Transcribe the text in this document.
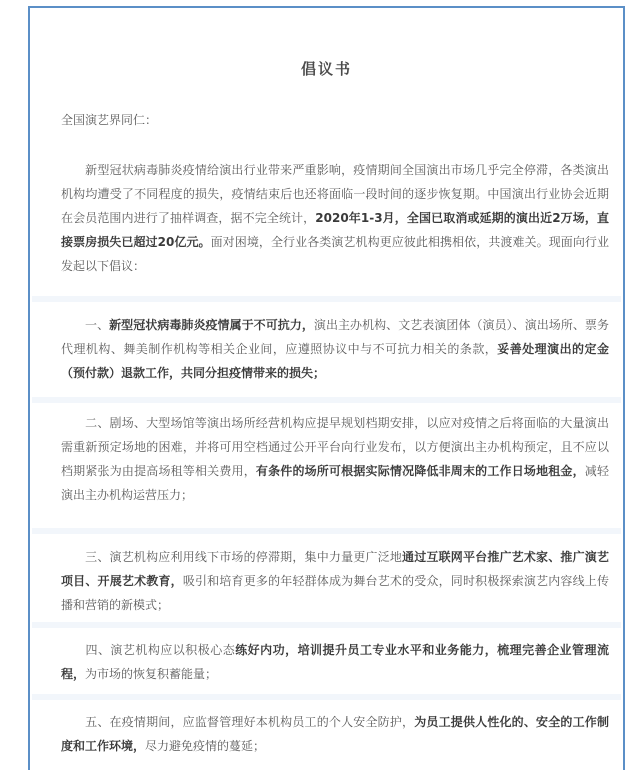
倡议书
全国演艺界同仁：
新型冠状病毒肺炎疫情给演出行业带来严重影响，疫情期间全国演出市场几乎完全停滞，各类演出机构均遭受了不同程度的损失，疫情结束后也还将面临一段时间的逐步恢复期。中国演出行业协会近期在会员范围内进行了抽样调查，据不完全统计，2020年1-3月，全国已取消或延期的演出近2万场，直接票房损失已超过20亿元。面对困境，全行业各类演艺机构更应彼此相携相依，共渡难关。现面向行业发起以下倡议：
一、新型冠状病毒肺炎疫情属于不可抗力，演出主办机构、文艺表演团体（演员）、演出场所、票务代理机构、舞美制作机构等相关企业间，应遵照协议中与不可抗力相关的条款，妥善处理演出的定金（预付款）退款工作，共同分担疫情带来的损失；
二、剧场、大型场馆等演出场所经营机构应提早规划档期安排，以应对疫情之后将面临的大量演出需重新预定场地的困难，并将可用空档通过公开平台向行业发布，以方便演出主办机构预定，且不应以档期紧张为由提高场租等相关费用，有条件的场所可根据实际情况降低非周末的工作日场地租金，减轻演出主办机构运营压力；
三、演艺机构应利用线下市场的停滞期，集中力量更广泛地通过互联网平台推广艺术家、推广演艺项目、开展艺术教育，吸引和培育更多的年轻群体成为舞台艺术的受众，同时积极探索演艺内容线上传播和营销的新模式；
四、演艺机构应以积极心态练好内功，培训提升员工专业水平和业务能力，梳理完善企业管理流程，为市场的恢复积蓄能量；
五、在疫情期间，应监督管理好本机构员工的个人安全防护，为员工提供人性化的、安全的工作制度和工作环境，尽力避免疫情的蔓延；
